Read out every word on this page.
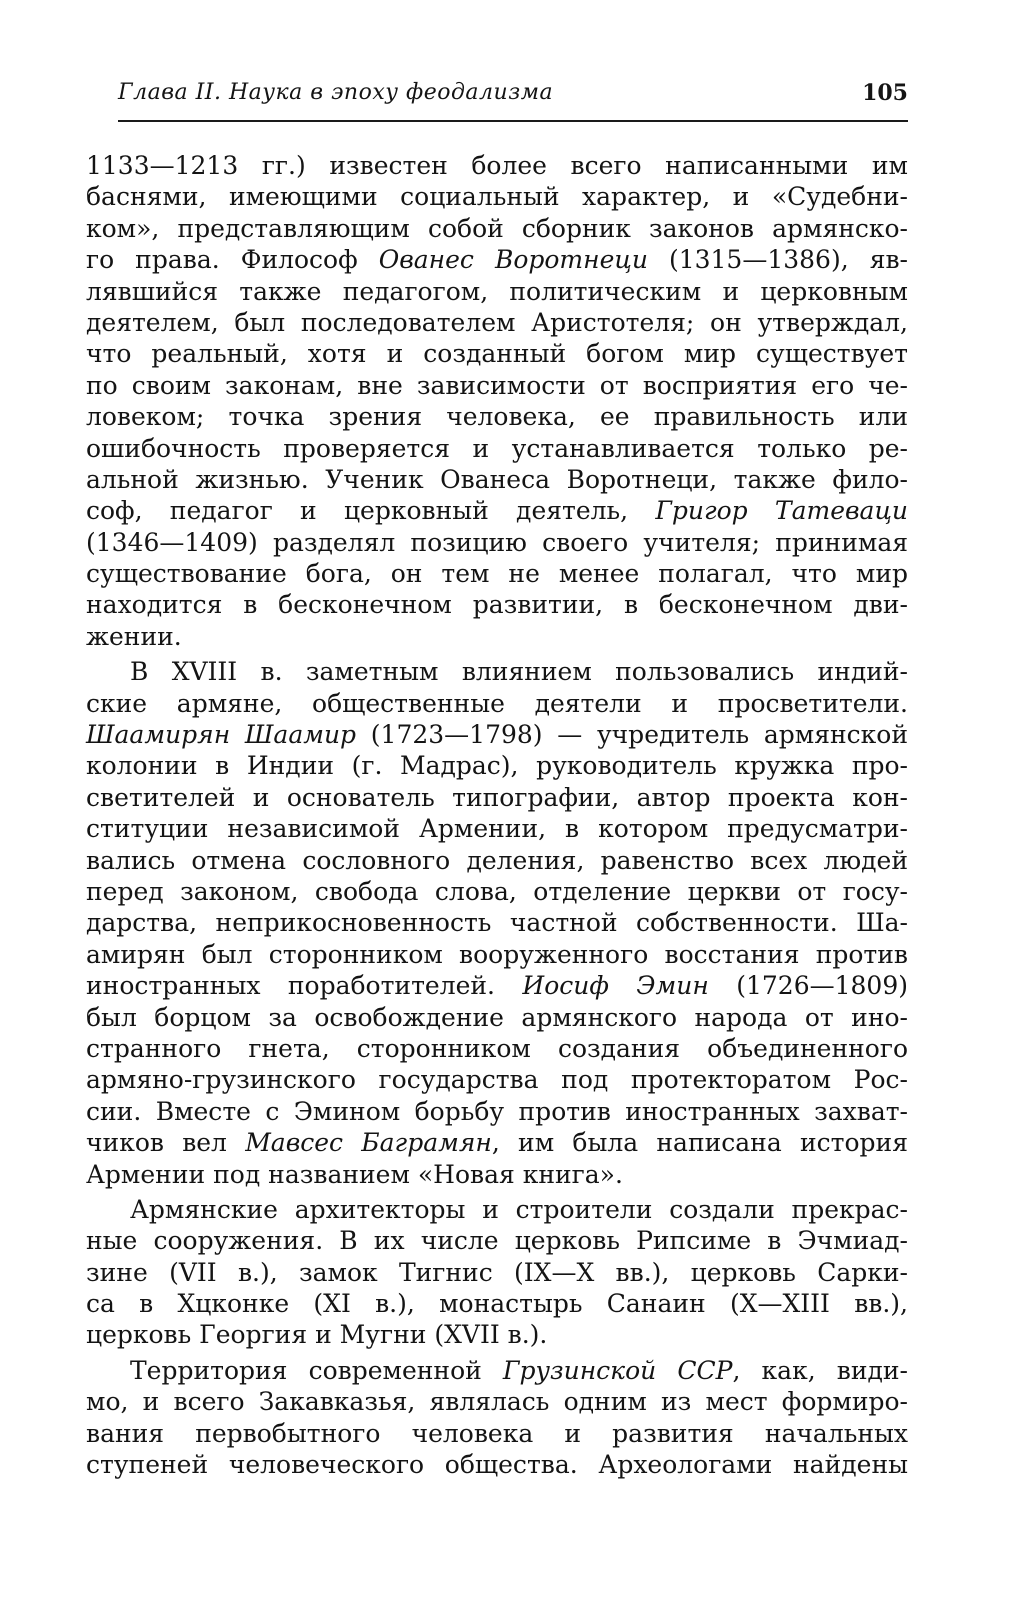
Глава II. Наука в эпоху феодализма	105
1133—1213 гг.) известен более всего написанными им
баснями, имеющими социальный характер, и «Судебни-
ком», представляющим собой сборник законов армянско-
го права. Философ Ованес Воротнеци (1315—1386), яв-
лявшийся также педагогом, политическим и церковным
деятелем, был последователем Аристотеля; он утверждал,
что реальный, хотя и созданный богом мир существует
по своим законам, вне зависимости от восприятия его че-
ловеком; точка зрения человека, ее правильность или
ошибочность проверяется и устанавливается только ре-
альной жизнью. Ученик Ованеса Воротнеци, также фило-
соф, педагог и церковный деятель, Григор Татеваци
(1346—1409) разделял позицию своего учителя; принимая
существование бога, он тем не менее полагал, что мир
находится в бесконечном развитии, в бесконечном дви-
жении.
В XVIII в. заметным влиянием пользовались индий-
ские армяне, общественные деятели и просветители.
Шаамирян Шаамир (1723—1798) — учредитель армянской
колонии в Индии (г. Мадрас), руководитель кружка про-
светителей и основатель типографии, автор проекта кон-
ституции независимой Армении, в котором предусматри-
вались отмена сословного деления, равенство всех людей
перед законом, свобода слова, отделение церкви от госу-
дарства, неприкосновенность частной собственности. Ша-
амирян был сторонником вооруженного восстания против
иностранных поработителей. Иосиф Эмин (1726—1809)
был борцом за освобождение армянского народа от ино-
странного гнета, сторонником создания объединенного
армяно-грузинского государства под протекторатом Рос-
сии. Вместе с Эмином борьбу против иностранных захват-
чиков вел Мавсес Баграмян, им была написана история
Армении под названием «Новая книга».
Армянские архитекторы и строители создали прекрас-
ные сооружения. В их числе церковь Рипсиме в Эчмиад-
зине (VII в.), замок Тигнис (IX—X вв.), церковь Сарки-
са в Хцконке (XI в.), монастырь Санаин (X—XIII вв.),
церковь Георгия и Мугни (XVII в.).
Территория современной Грузинской ССР, как, види-
мо, и всего Закавказья, являлась одним из мест формиро-
вания первобытного человека и развития начальных
ступеней человеческого общества. Археологами найдены
